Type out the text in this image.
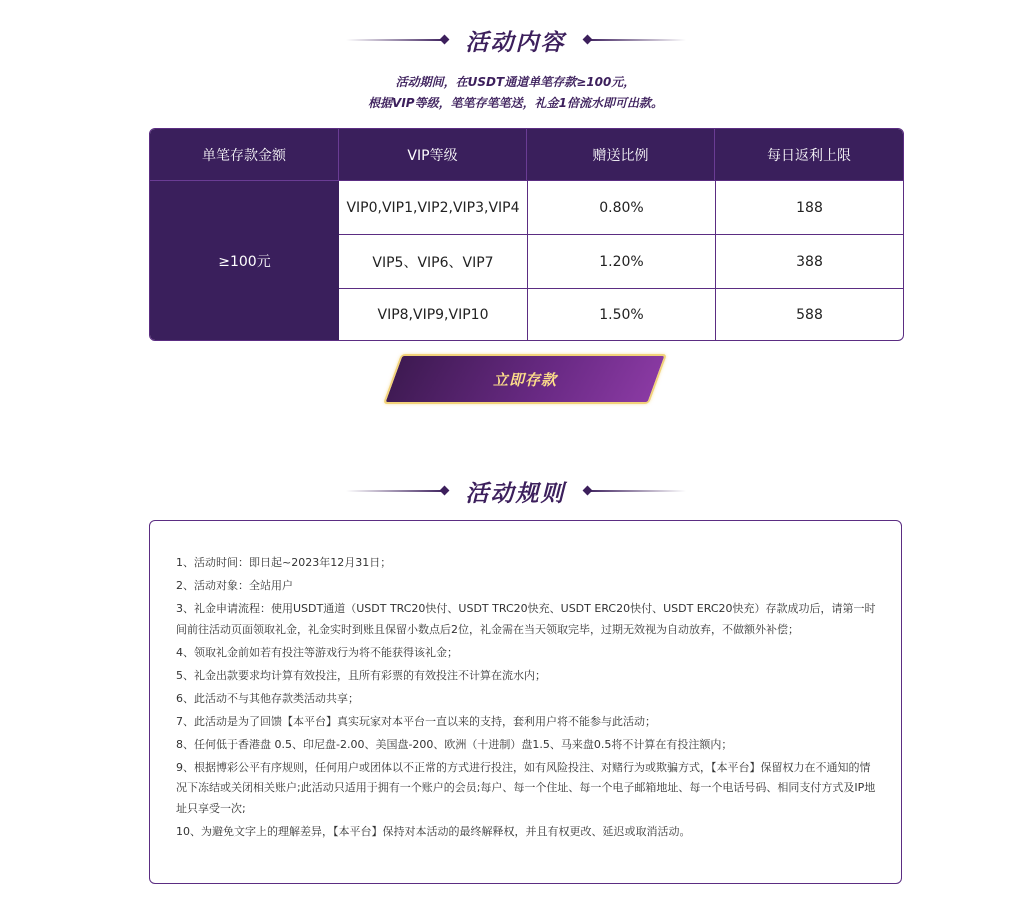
活动内容
活动期间，在USDT通道单笔存款≥100元，
根据VIP等级，笔笔存笔笔送，礼金1倍流水即可出款。
单笔存款金额	VIP等级	赠送比例	每日返利上限
≥100元
VIP0,VIP1,VIP2,VIP3,VIP4	0.80%	188
VIP5、VIP6、VIP7	1.20%	388
VIP8,VIP9,VIP10	1.50%	588
立即存款
活动规则
1、活动时间：即日起~2023年12月31日；
2、活动对象：全站用户
3、礼金申请流程：使用USDT通道（USDT TRC20快付、USDT TRC20快充、USDT ERC20快付、USDT ERC20快充）存款成功后，请第一时间前往活动页面领取礼金，礼金实时到账且保留小数点后2位，礼金需在当天领取完毕，过期无效视为自动放弃，不做额外补偿；
4、领取礼金前如若有投注等游戏行为将不能获得该礼金；
5、礼金出款要求均计算有效投注，且所有彩票的有效投注不计算在流水内；
6、此活动不与其他存款类活动共享；
7、此活动是为了回馈【本平台】真实玩家对本平台一直以来的支持，套利用户将不能参与此活动；
8、任何低于香港盘 0.5、印尼盘-2.00、美国盘-200、欧洲（十进制）盘1.5、马来盘0.5将不计算在有投注额内；
9、根据博彩公平有序规则，任何用户或团体以不正常的方式进行投注，如有风险投注、对赌行为或欺骗方式，【本平台】保留权力在不通知的情况下冻结或关闭相关账户;此活动只适用于拥有一个账户的会员;每户、每一个住址、每一个电子邮箱地址、每一个电话号码、相同支付方式及IP地址只享受一次;
10、为避免文字上的理解差异，【本平台】保持对本活动的最终解释权，并且有权更改、延迟或取消活动。
